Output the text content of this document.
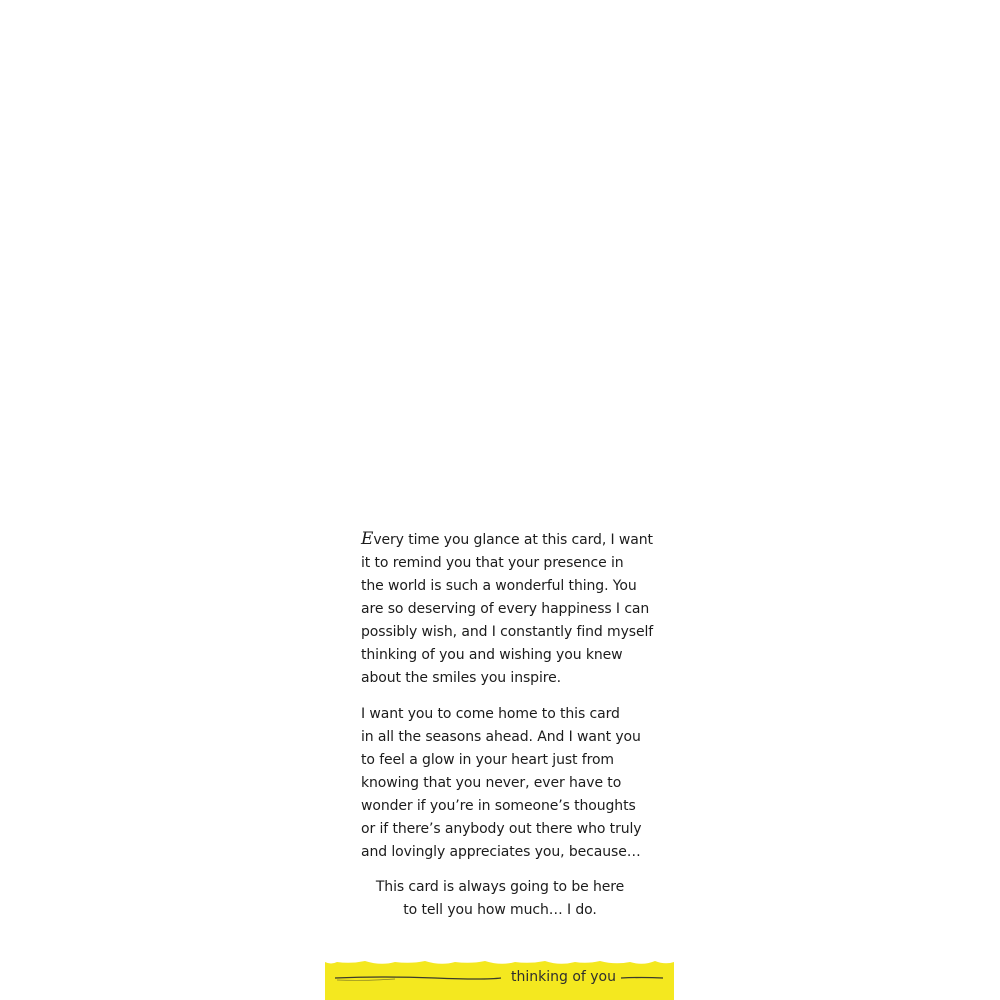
Every time you glance at this card, I want
it to remind you that your presence in
the world is such a wonderful thing. You
are so deserving of every happiness I can
possibly wish, and I constantly find myself
thinking of you and wishing you knew
about the smiles you inspire.
I want you to come home to this card
in all the seasons ahead. And I want you
to feel a glow in your heart just from
knowing that you never, ever have to
wonder if you’re in someone’s thoughts
or if there’s anybody out there who truly
and lovingly appreciates you, because…
This card is always going to be here
to tell you how much… I do.
thinking of you
